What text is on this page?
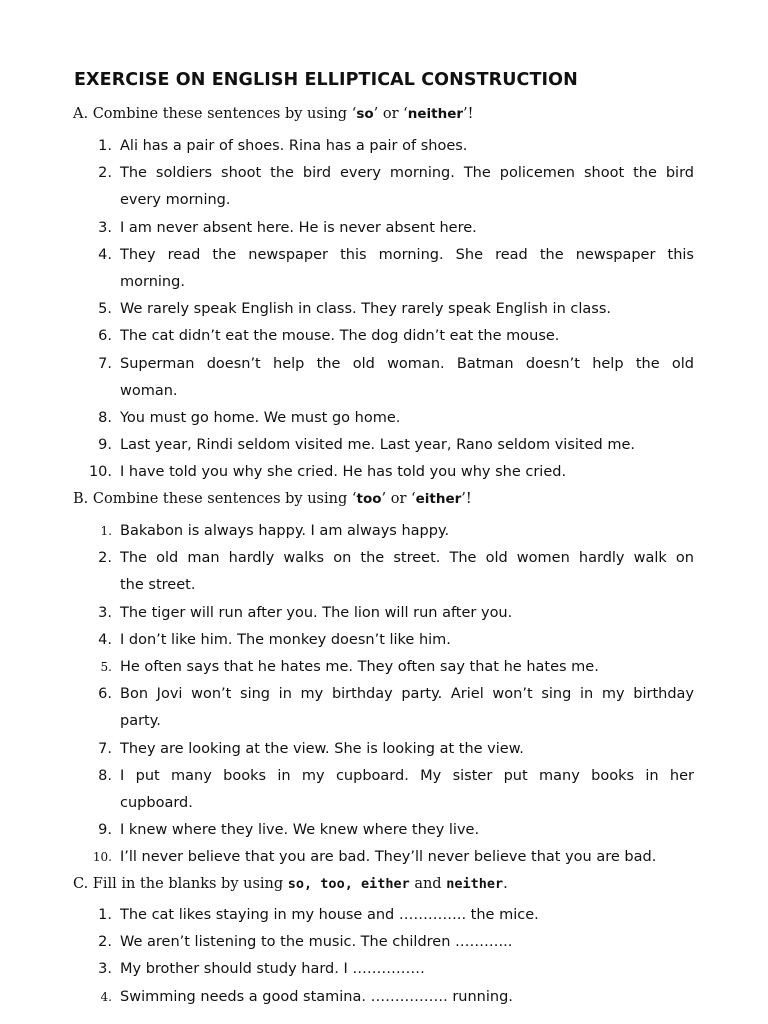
EXERCISE ON ENGLISH ELLIPTICAL CONSTRUCTION
A. Combine these sentences by using ‘so’ or ‘neither’!
1. Ali has a pair of shoes. Rina has a pair of shoes.
2. The soldiers shoot the bird every morning. The policemen shoot the bird
every morning.
3. I am never absent here. He is never absent here.
4. They read the newspaper this morning. She read the newspaper this
morning.
5. We rarely speak English in class. They rarely speak English in class.
6. The cat didn’t eat the mouse. The dog didn’t eat the mouse.
7. Superman doesn’t help the old woman. Batman doesn’t help the old
woman.
8. You must go home. We must go home.
9. Last year, Rindi seldom visited me. Last year, Rano seldom visited me.
10. I have told you why she cried. He has told you why she cried.
B. Combine these sentences by using ‘too’ or ‘either’!
1. Bakabon is always happy. I am always happy.
2. The old man hardly walks on the street. The old women hardly walk on
the street.
3. The tiger will run after you. The lion will run after you.
4. I don’t like him. The monkey doesn’t like him.
5. He often says that he hates me. They often say that he hates me.
6. Bon Jovi won’t sing in my birthday party. Ariel won’t sing in my birthday
party.
7. They are looking at the view. She is looking at the view.
8. I put many books in my cupboard. My sister put many books in her
cupboard.
9. I knew where they live. We knew where they live.
10. I’ll never believe that you are bad. They’ll never believe that you are bad.
C. Fill in the blanks by using so, too, either and neither.
1. The cat likes staying in my house and ………….. the mice.
2. We aren’t listening to the music. The children ………...
3. My brother should study hard. I ……………
4. Swimming needs a good stamina. ……………. running.
